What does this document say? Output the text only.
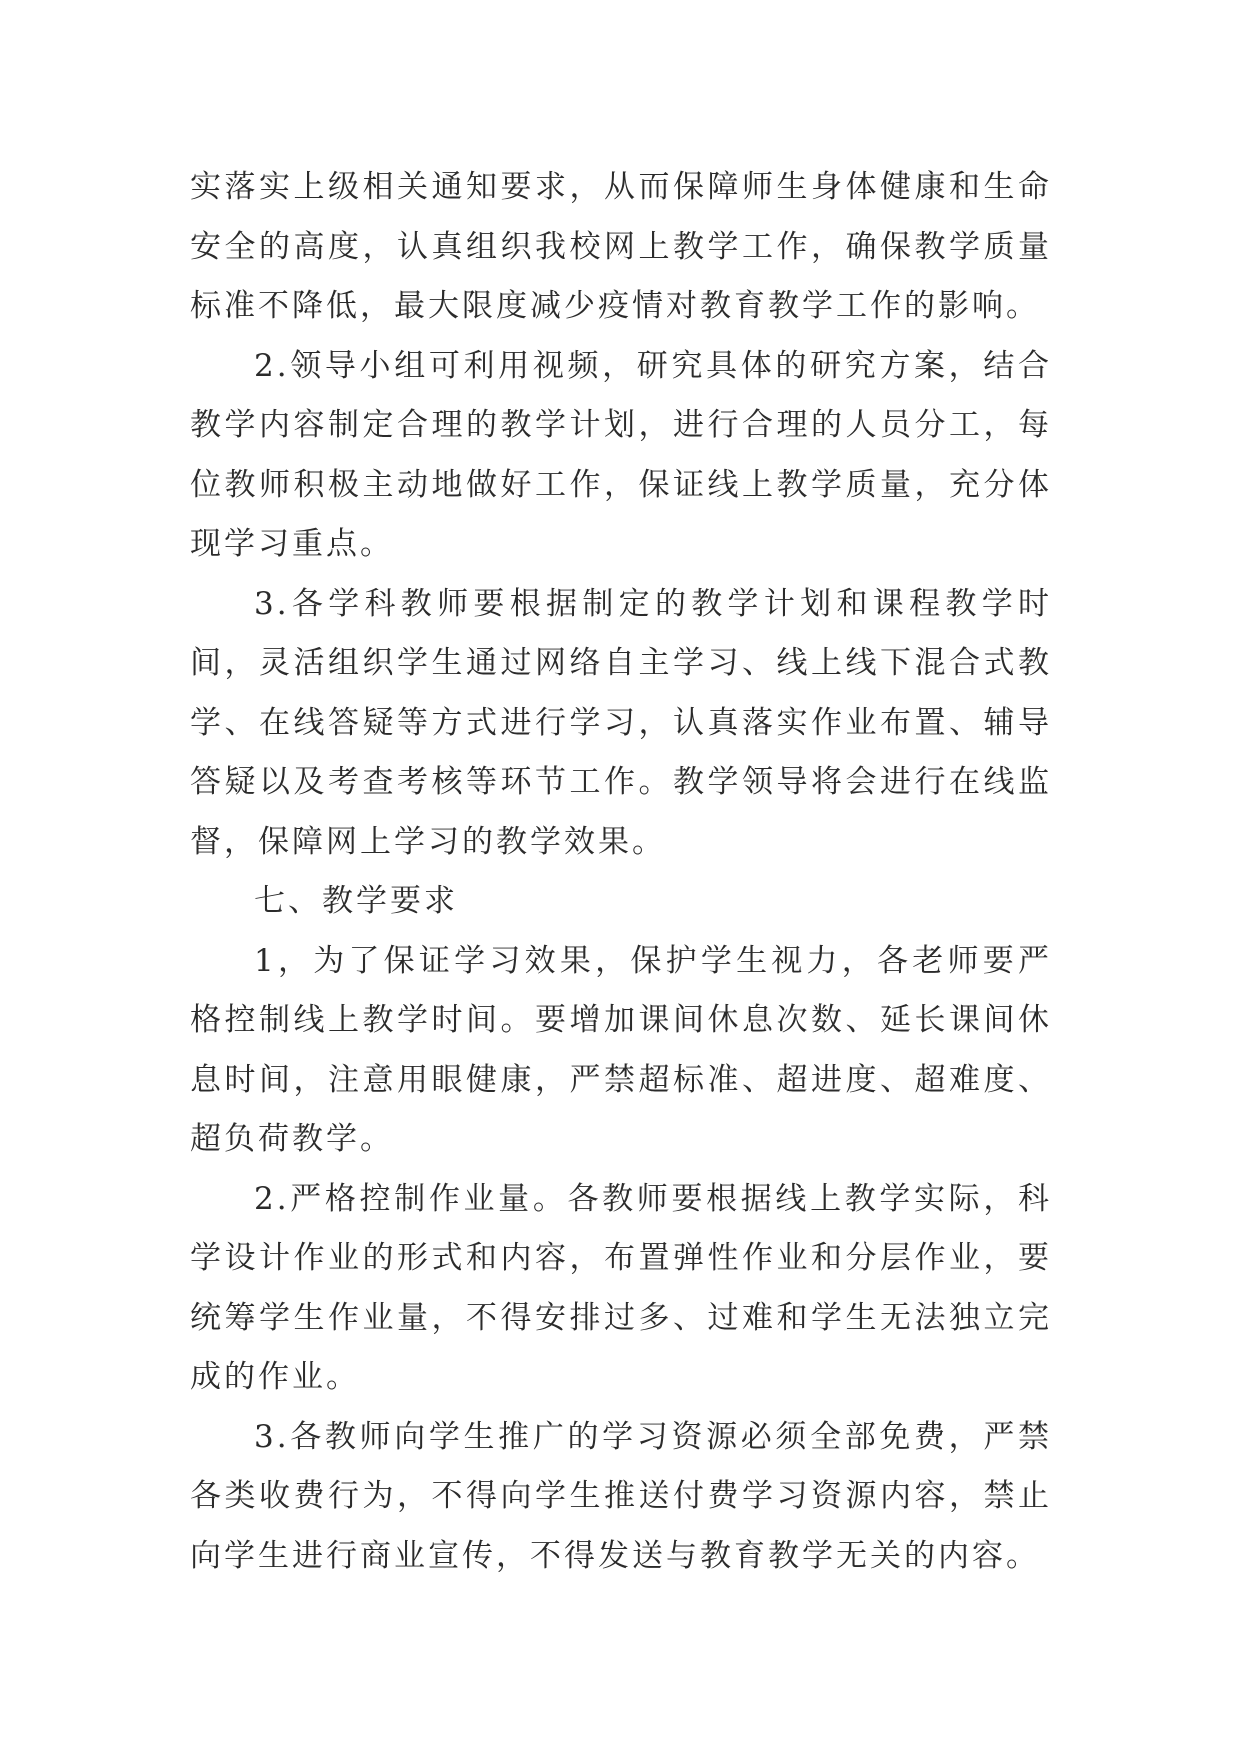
实落实上级相关通知要求，从而保障师生身体健康和生命安全的高度，认真组织我校网上教学工作，确保教学质量标准不降低，最大限度减少疫情对教育教学工作的影响。

2.领导小组可利用视频，研究具体的研究方案，结合教学内容制定合理的教学计划，进行合理的人员分工，每位教师积极主动地做好工作，保证线上教学质量，充分体现学习重点。

3.各学科教师要根据制定的教学计划和课程教学时间，灵活组织学生通过网络自主学习、线上线下混合式教学、在线答疑等方式进行学习，认真落实作业布置、辅导答疑以及考查考核等环节工作。教学领导将会进行在线监督，保障网上学习的教学效果。

七、教学要求

1，为了保证学习效果，保护学生视力，各老师要严格控制线上教学时间。要增加课间休息次数、延长课间休息时间，注意用眼健康，严禁超标准、超进度、超难度、超负荷教学。

2.严格控制作业量。各教师要根据线上教学实际，科学设计作业的形式和内容，布置弹性作业和分层作业，要统筹学生作业量，不得安排过多、过难和学生无法独立完成的作业。

3.各教师向学生推广的学习资源必须全部免费，严禁各类收费行为，不得向学生推送付费学习资源内容，禁止向学生进行商业宣传，不得发送与教育教学无关的内容。
